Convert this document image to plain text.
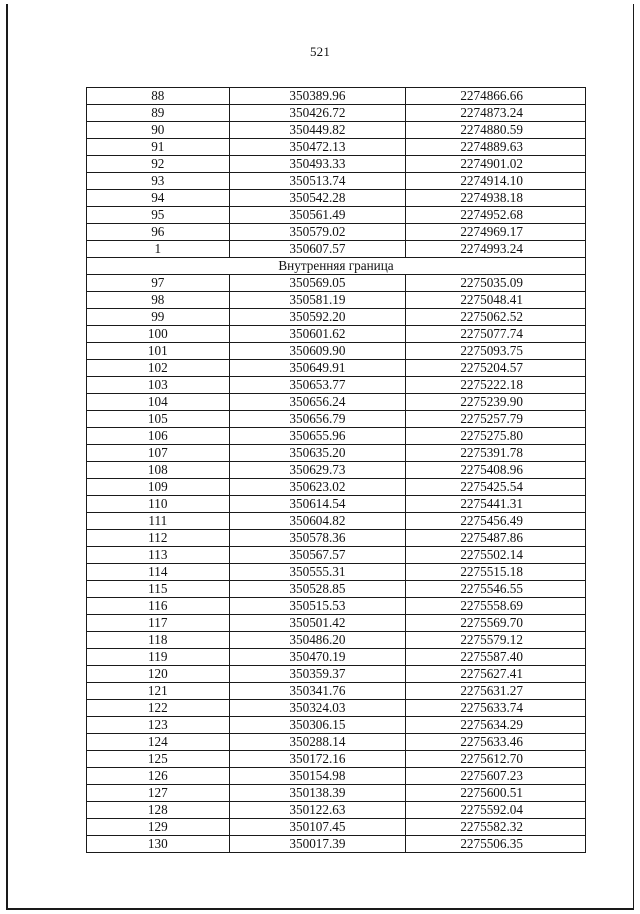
521
88	350389.96	2274866.66
89	350426.72	2274873.24
90	350449.82	2274880.59
91	350472.13	2274889.63
92	350493.33	2274901.02
93	350513.74	2274914.10
94	350542.28	2274938.18
95	350561.49	2274952.68
96	350579.02	2274969.17
1	350607.57	2274993.24
Внутренняя граница		
97	350569.05	2275035.09
98	350581.19	2275048.41
99	350592.20	2275062.52
100	350601.62	2275077.74
101	350609.90	2275093.75
102	350649.91	2275204.57
103	350653.77	2275222.18
104	350656.24	2275239.90
105	350656.79	2275257.79
106	350655.96	2275275.80
107	350635.20	2275391.78
108	350629.73	2275408.96
109	350623.02	2275425.54
110	350614.54	2275441.31
111	350604.82	2275456.49
112	350578.36	2275487.86
113	350567.57	2275502.14
114	350555.31	2275515.18
115	350528.85	2275546.55
116	350515.53	2275558.69
117	350501.42	2275569.70
118	350486.20	2275579.12
119	350470.19	2275587.40
120	350359.37	2275627.41
121	350341.76	2275631.27
122	350324.03	2275633.74
123	350306.15	2275634.29
124	350288.14	2275633.46
125	350172.16	2275612.70
126	350154.98	2275607.23
127	350138.39	2275600.51
128	350122.63	2275592.04
129	350107.45	2275582.32
130	350017.39	2275506.35
